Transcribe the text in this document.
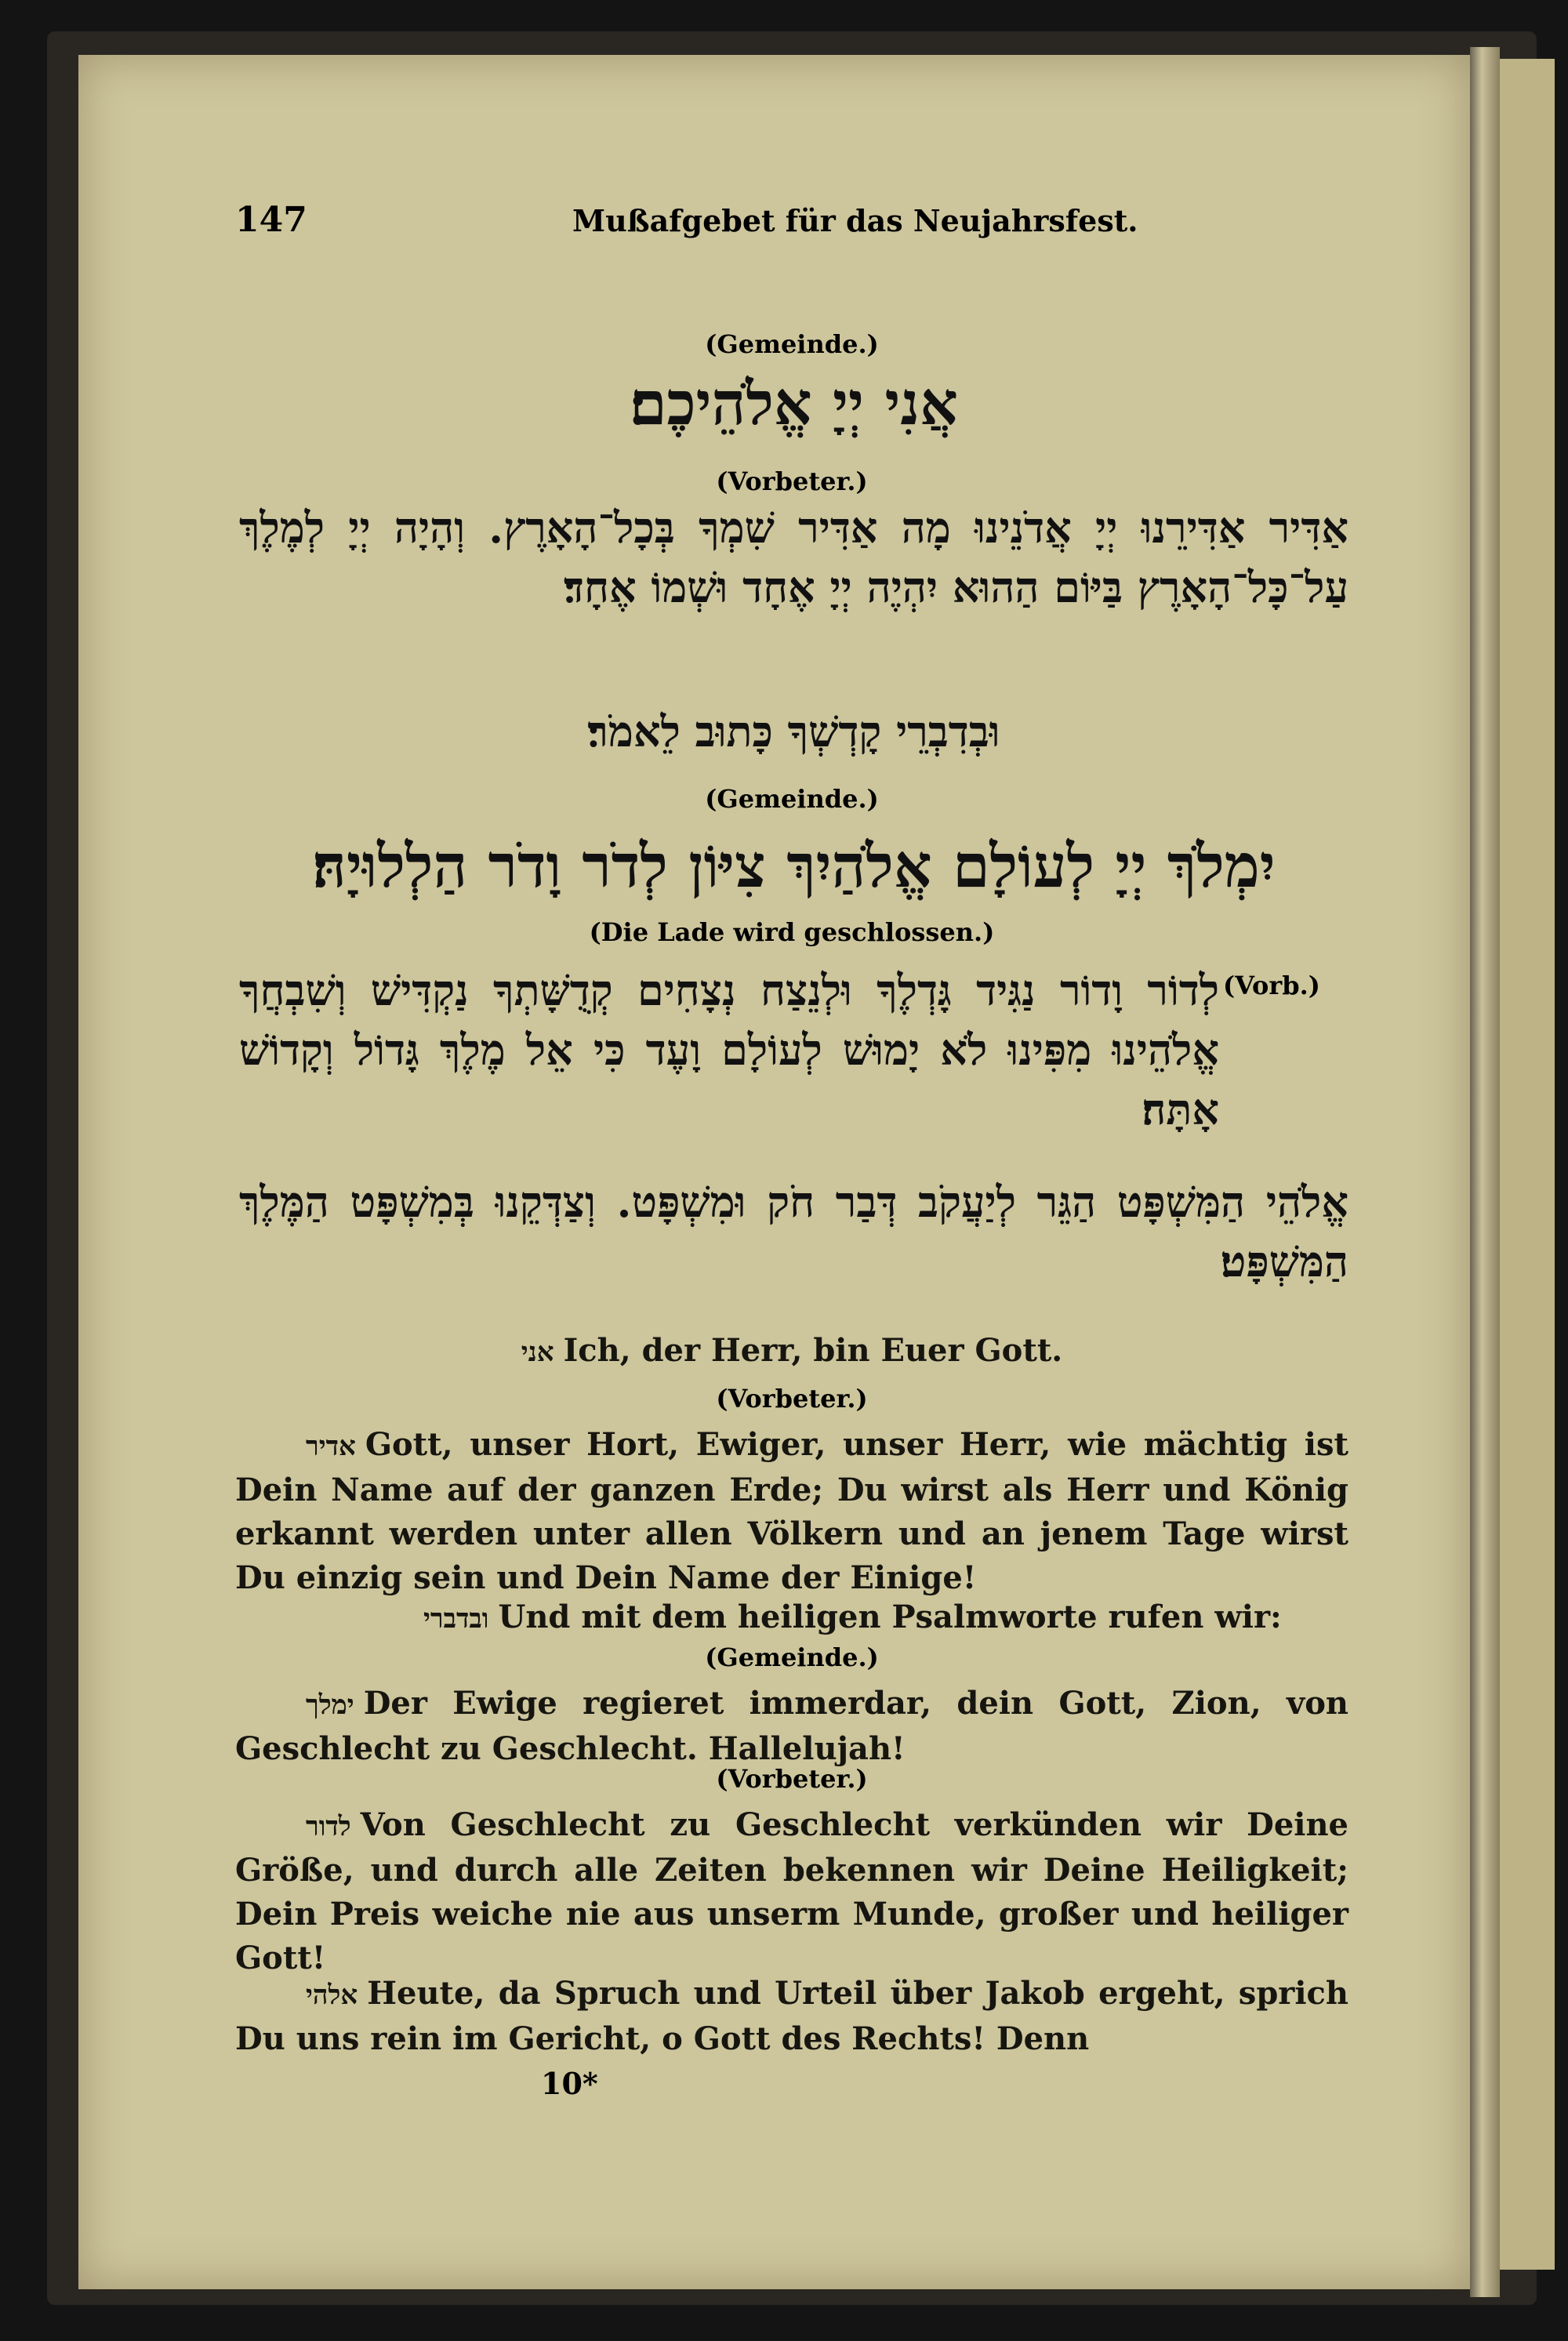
147	Mußafgebet für das Neujahrsfest.
(Gemeinde.)
אֲנִי יְיָ אֱלֹהֵיכֶם׃
(Vorbeter.)
אַדִּיר אַדִּירֵנוּ יְיָ אֲדֹנֵינוּ מָה אַדִּיר שִׁמְךָ בְּכָל־הָאָרֶץ. וְהָיָה יְיָ לְמֶלֶךְ עַל־כָּל־הָאָרֶץ בַּיּוֹם הַהוּא יִהְיֶה יְיָ אֶחָד וּשְׁמוֹ אֶחָד׃
וּבְדִבְרֵי קָדְשְׁךָ כָּתוּב לֵאמֹר׃
(Gemeinde.)
יִמְלֹךְ יְיָ לְעוֹלָם אֱלֹהַיִךְ צִיּוֹן לְדֹר וָדֹר הַלְלוּיָהּ׃
(Die Lade wird geschlossen.)
(Vorb.)
לְדוֹר וָדוֹר נַגִּיד גָּדְלֶךָ וּלְנֵצַח נְצָחִים קְדֻשָּׁתְךָ נַקְדִּישׁ וְשִׁבְחֲךָ אֱלֹהֵינוּ מִפִּינוּ לֹא יָמוּשׁ לְעוֹלָם וָעֶד כִּי אֵל מֶלֶךְ גָּדוֹל וְקָדוֹשׁ אָתָּה׃
אֱלֹהֵי הַמִּשְׁפָּט הַגֵּר לְיַעֲקֹב דְּבַר חֹק וּמִשְׁפָּט. וְצַדְּקֵנוּ בְּמִשְׁפָּט הַמֶּלֶךְ הַמִּשְׁפָּט׃
אני Ich, der Herr, bin Euer Gott.
(Vorbeter.)
אדיר Gott, unser Hort, Ewiger, unser Herr, wie mächtig ist Dein Name auf der ganzen Erde; Du wirst als Herr und König erkannt werden unter allen Völkern und an jenem Tage wirst Du einzig sein und Dein Name der Einige!
ובדברי Und mit dem heiligen Psalmworte rufen wir:
(Gemeinde.)
ימלך Der Ewige regieret immerdar, dein Gott, Zion, von Geschlecht zu Geschlecht. Hallelujah!
(Vorbeter.)
לדור Von Geschlecht zu Geschlecht verkünden wir Deine Größe, und durch alle Zeiten bekennen wir Deine Heiligkeit; Dein Preis weiche nie aus unserm Munde, großer und heiliger Gott!
אלהי Heute, da Spruch und Urteil über Jakob ergeht, sprich Du uns rein im Gericht, o Gott des Rechts! Denn
10*
